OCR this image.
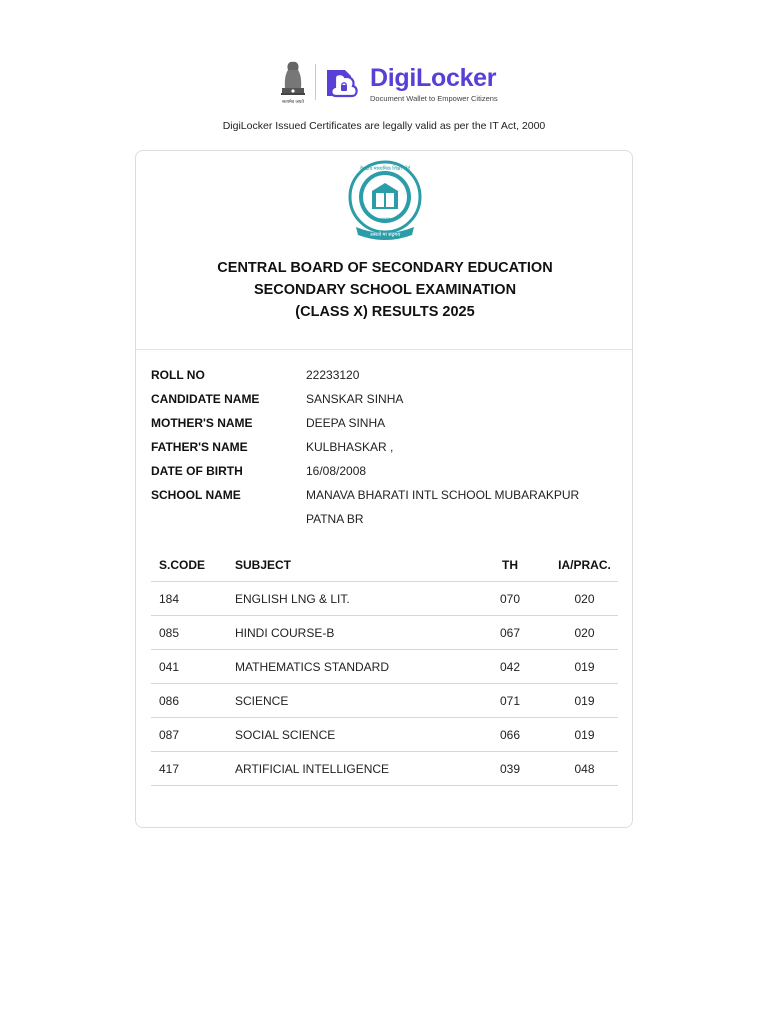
सत्यमेव जयते
DigiLocker
Document Wallet to Empower Citizens
DigiLocker Issued Certificates are legally valid as per the IT Act, 2000
केन्द्रीय माध्यमिक शिक्षा बोर्ड
भारत
असतो मा सद्गमय
CENTRAL BOARD OF SECONDARY EDUCATION
SECONDARY SCHOOL EXAMINATION
(CLASS X) RESULTS 2025
ROLL NO	22233120
CANDIDATE NAME	SANSKAR SINHA
MOTHER'S NAME	DEEPA SINHA
FATHER'S NAME	KULBHASKAR ,
DATE OF BIRTH	16/08/2008
SCHOOL NAME	MANAVA BHARATI INTL SCHOOL MUBARAKPUR PATNA BR
S.CODE	SUBJECT	TH	IA/PRAC.
184	ENGLISH LNG & LIT.	070	020
085	HINDI COURSE-B	067	020
041	MATHEMATICS STANDARD	042	019
086	SCIENCE	071	019
087	SOCIAL SCIENCE	066	019
417	ARTIFICIAL INTELLIGENCE	039	048
